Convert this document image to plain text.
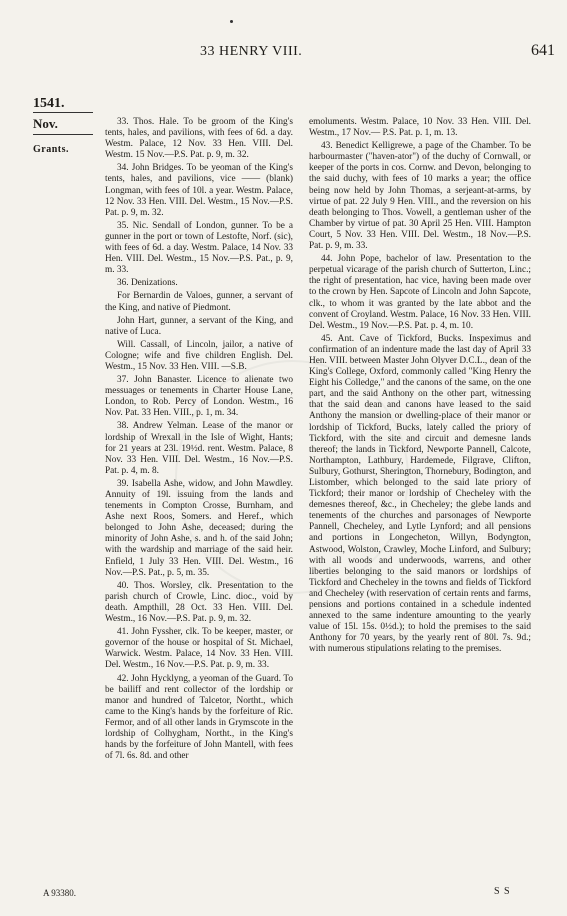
33 HENRY VIII.	641
1541.
Nov.
Grants.

33. Thos. Hale. To be groom of the King's tents, hales, and pavilions, with fees of 6d. a day. Westm. Palace, 12 Nov. 33 Hen. VIII. Del. Westm. 15 Nov.—P.S. Pat. p. 9, m. 32.

34. John Bridges. To be yeoman of the King's tents, hales, and pavilions, vice —— (blank) Longman, with fees of 10l. a year. Westm. Palace, 12 Nov. 33 Hen. VIII. Del. Westm., 15 Nov.—P.S. Pat. p. 9, m. 32.

35. Nic. Sendall of London, gunner. To be a gunner in the port or town of Lestofte, Norf. (sic), with fees of 6d. a day. Westm. Palace, 14 Nov. 33 Hen. VIII. Del. Westm., 15 Nov.—P.S. Pat., p. 9, m. 33.

36. Denizations.

For Bernardin de Valoes, gunner, a servant of the King, and native of Piedmont.

John Hart, gunner, a servant of the King, and native of Luca.

Will. Cassall, of Lincoln, jailor, a native of Cologne; wife and five children English. Del. Westm., 15 Nov. 33 Hen. VIII. —S.B.

37. John Banaster. Licence to alienate two messuages or tenements in Charter House Lane, London, to Rob. Percy of London. Westm., 16 Nov. Pat. 33 Hen. VIII., p. 1, m. 34.

38. Andrew Yelman. Lease of the manor or lordship of Wrexall in the Isle of Wight, Hants; for 21 years at 23l. 19½d. rent. Westm. Palace, 8 Nov. 33 Hen. VIII. Del. Westm., 16 Nov.—P.S. Pat. p. 4, m. 8.

39. Isabella Ashe, widow, and John Mawdley. Annuity of 19l. issuing from the lands and tenements in Compton Crosse, Burnham, and Ashe next Roos, Somers. and Heref., which belonged to John Ashe, deceased; during the minority of John Ashe, s. and h. of the said John; with the wardship and marriage of the said heir. Enfield, 1 July 33 Hen. VIII. Del. Westm., 16 Nov.—P.S. Pat., p. 5, m. 35.

40. Thos. Worsley, clk. Presentation to the parish church of Crowle, Linc. dioc., void by death. Ampthill, 28 Oct. 33 Hen. VIII. Del. Westm., 16 Nov.—P.S. Pat. p. 9, m. 32.

41. John Fyssher, clk. To be keeper, master, or governor of the house or hospital of St. Michael, Warwick. Westm. Palace, 14 Nov. 33 Hen. VIII. Del. Westm., 16 Nov.—P.S. Pat. p. 9, m. 33.

42. John Hycklyng, a yeoman of the Guard. To be bailiff and rent collector of the lordship or manor and hundred of Talcetor, Northt., which came to the King's hands by the forfeiture of Ric. Fermor, and of all other lands in Grymscote in the lordship of Colhygham, Northt., in the King's hands by the forfeiture of John Mantell, with fees of 7l. 6s. 8d. and other

emoluments. Westm. Palace, 10 Nov. 33 Hen. VIII. Del. Westm., 17 Nov.— P.S. Pat. p. 1, m. 13.

43. Benedict Kelligrewe, a page of the Chamber. To be harbourmaster ("haven-ator") of the duchy of Cornwall, or keeper of the ports in cos. Cornw. and Devon, belonging to the said duchy, with fees of 10 marks a year; the office being now held by John Thomas, a serjeant-at-arms, by virtue of pat. 22 July 9 Hen. VIII., and the reversion on his death belonging to Thos. Vowell, a gentleman usher of the Chamber by virtue of pat. 30 April 25 Hen. VIII. Hampton Court, 5 Nov. 33 Hen. VIII. Del. Westm., 18 Nov.—P.S. Pat. p. 9, m. 33.

44. John Pope, bachelor of law. Presentation to the perpetual vicarage of the parish church of Sutterton, Linc.; the right of presentation, hac vice, having been made over to the crown by Hen. Sapcote of Lincoln and John Sapcote, clk., to whom it was granted by the late abbot and the convent of Croyland. Westm. Palace, 16 Nov. 33 Hen. VIII. Del. Westm., 19 Nov.—P.S. Pat. p. 4, m. 10.

45. Ant. Cave of Tickford, Bucks. Inspeximus and confirmation of an indenture made the last day of April 33 Hen. VIII. between Master John Olyver D.C.L., dean of the King's College, Oxford, commonly called "King Henry the Eight his Colledge," and the canons of the same, on the one part, and the said Anthony on the other part, witnessing that the said dean and canons have leased to the said Anthony the mansion or dwelling-place of their manor or lordship of Tickford, Bucks, lately called the priory of Tickford, with the site and circuit and demesne lands thereof; the lands in Tickford, Newporte Pannell, Calcote, Northampton, Lathbury, Hardemede, Filgrave, Clifton, Sulbury, Gothurst, Sherington, Thornebury, Bodington, and Listomber, which belonged to the said late priory of Tickford; their manor or lordship of Checheley with the demesnes thereof, &c., in Checheley; the glebe lands and tenements of the churches and parsonages of Newporte Pannell, Checheley, and Lytle Lynford; and all pensions and portions in Longecheton, Willyn, Bodyngton, Astwood, Wolston, Crawley, Moche Linford, and Sulbury; with all woods and underwoods, warrens, and other liberties belonging to the said manors or lordships of Tickford and Checheley in the towns and fields of Tickford and Checheley (with reservation of certain rents and farms, pensions and portions contained in a schedule indented annexed to the same indenture amounting to the yearly value of 15l. 15s. 0½d.); to hold the premises to the said Anthony for 70 years, by the yearly rent of 80l. 7s. 9d.; with numerous stipulations relating to the premises.

A 93380.	S S
